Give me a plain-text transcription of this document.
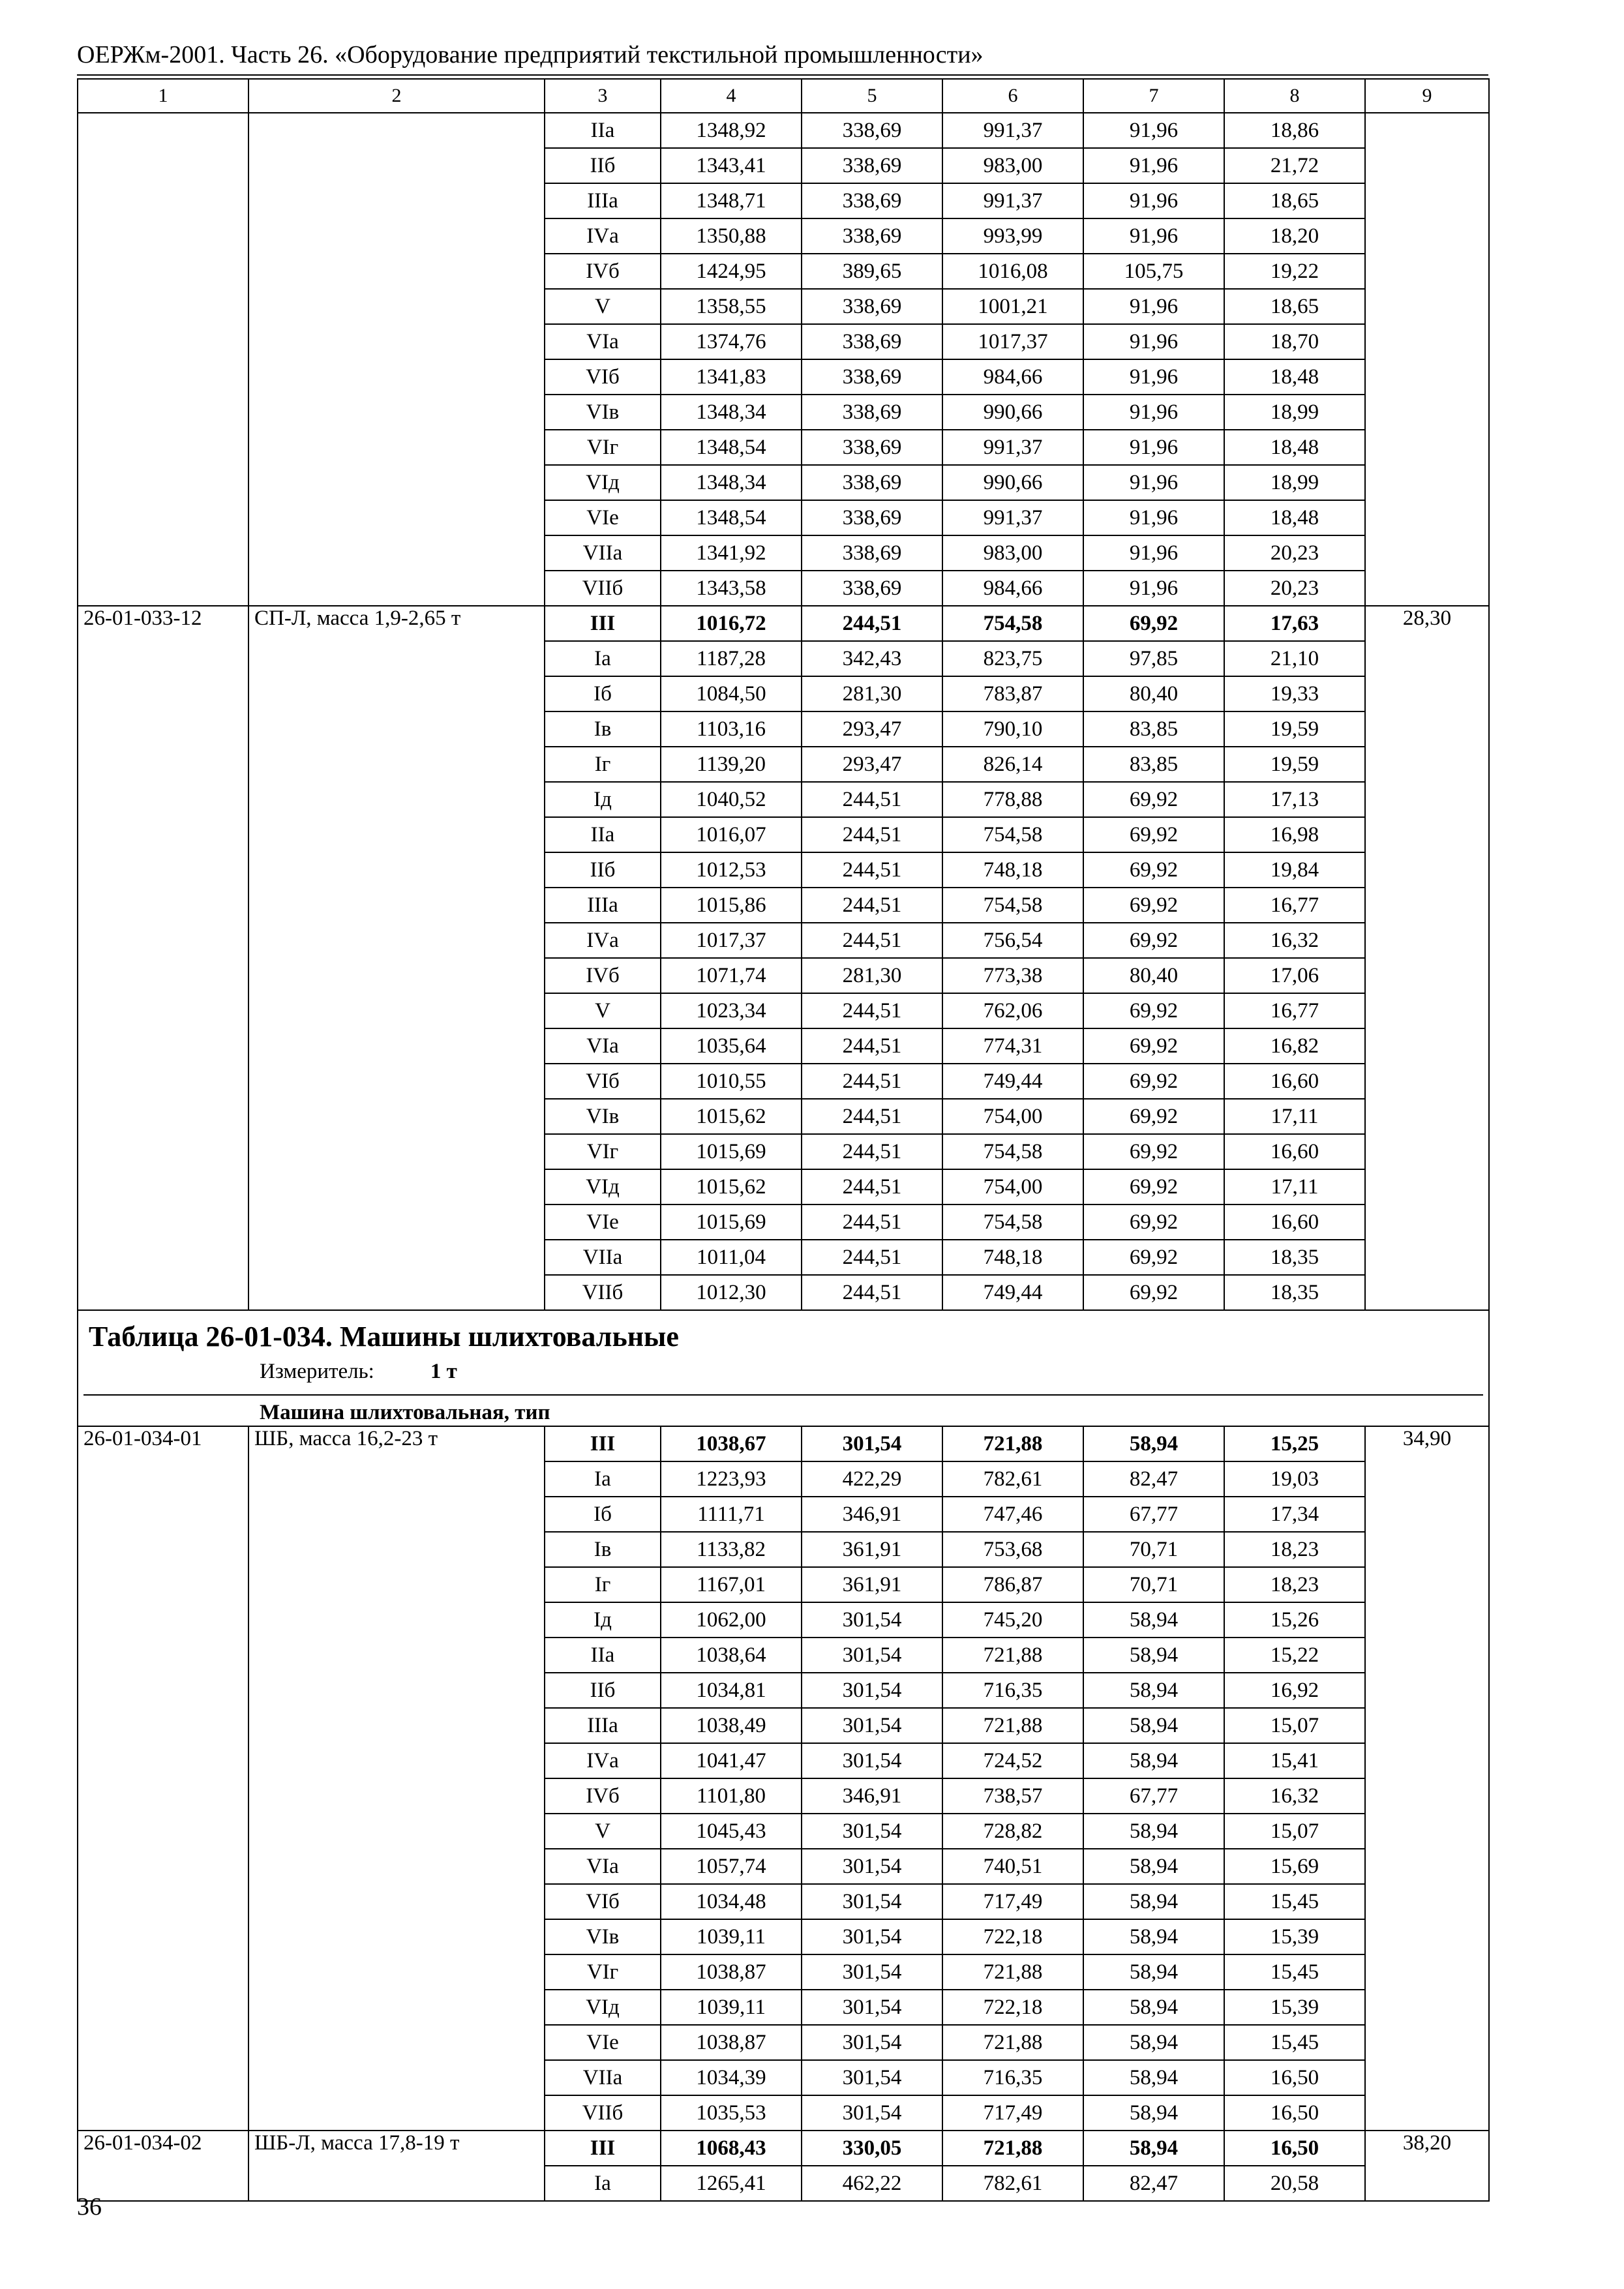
ОЕРЖм-2001. Часть 26. «Оборудование предприятий текстильной промышленности»
1	2	3	4	5	6	7	8	9
		IIа	1348,92	338,69	991,37	91,96	18,86	
		IIб	1343,41	338,69	983,00	91,96	21,72	
		IIIа	1348,71	338,69	991,37	91,96	18,65	
		IVа	1350,88	338,69	993,99	91,96	18,20	
		IVб	1424,95	389,65	1016,08	105,75	19,22	
		V	1358,55	338,69	1001,21	91,96	18,65	
		VIа	1374,76	338,69	1017,37	91,96	18,70	
		VIб	1341,83	338,69	984,66	91,96	18,48	
		VIв	1348,34	338,69	990,66	91,96	18,99	
		VIг	1348,54	338,69	991,37	91,96	18,48	
		VIд	1348,34	338,69	990,66	91,96	18,99	
		VIе	1348,54	338,69	991,37	91,96	18,48	
		VIIа	1341,92	338,69	983,00	91,96	20,23	
		VIIб	1343,58	338,69	984,66	91,96	20,23	
26-01-033-12	СП-Л, масса 1,9-2,65 т	III	1016,72	244,51	754,58	69,92	17,63	28,30
		Iа	1187,28	342,43	823,75	97,85	21,10	
		Iб	1084,50	281,30	783,87	80,40	19,33	
		Iв	1103,16	293,47	790,10	83,85	19,59	
		Iг	1139,20	293,47	826,14	83,85	19,59	
		Iд	1040,52	244,51	778,88	69,92	17,13	
		IIа	1016,07	244,51	754,58	69,92	16,98	
		IIб	1012,53	244,51	748,18	69,92	19,84	
		IIIа	1015,86	244,51	754,58	69,92	16,77	
		IVа	1017,37	244,51	756,54	69,92	16,32	
		IVб	1071,74	281,30	773,38	80,40	17,06	
		V	1023,34	244,51	762,06	69,92	16,77	
		VIа	1035,64	244,51	774,31	69,92	16,82	
		VIб	1010,55	244,51	749,44	69,92	16,60	
		VIв	1015,62	244,51	754,00	69,92	17,11	
		VIг	1015,69	244,51	754,58	69,92	16,60	
		VIд	1015,62	244,51	754,00	69,92	17,11	
		VIе	1015,69	244,51	754,58	69,92	16,60	
		VIIа	1011,04	244,51	748,18	69,92	18,35	
		VIIб	1012,30	244,51	749,44	69,92	18,35	

Таблица 26-01-034. Машины шлихтовальные
Измеритель: 1 т
Машина шлихтовальная, тип								

26-01-034-01	ШБ, масса 16,2-23 т	III	1038,67	301,54	721,88	58,94	15,25	34,90
		Iа	1223,93	422,29	782,61	82,47	19,03	
		Iб	1111,71	346,91	747,46	67,77	17,34	
		Iв	1133,82	361,91	753,68	70,71	18,23	
		Iг	1167,01	361,91	786,87	70,71	18,23	
		Iд	1062,00	301,54	745,20	58,94	15,26	
		IIа	1038,64	301,54	721,88	58,94	15,22	
		IIб	1034,81	301,54	716,35	58,94	16,92	
		IIIа	1038,49	301,54	721,88	58,94	15,07	
		IVа	1041,47	301,54	724,52	58,94	15,41	
		IVб	1101,80	346,91	738,57	67,77	16,32	
		V	1045,43	301,54	728,82	58,94	15,07	
		VIа	1057,74	301,54	740,51	58,94	15,69	
		VIб	1034,48	301,54	717,49	58,94	15,45	
		VIв	1039,11	301,54	722,18	58,94	15,39	
		VIг	1038,87	301,54	721,88	58,94	15,45	
		VIд	1039,11	301,54	722,18	58,94	15,39	
		VIе	1038,87	301,54	721,88	58,94	15,45	
		VIIа	1034,39	301,54	716,35	58,94	16,50	
		VIIб	1035,53	301,54	717,49	58,94	16,50	
26-01-034-02	ШБ-Л, масса 17,8-19 т	III	1068,43	330,05	721,88	58,94	16,50	38,20
		Iа	1265,41	462,22	782,61	82,47	20,58	
36
